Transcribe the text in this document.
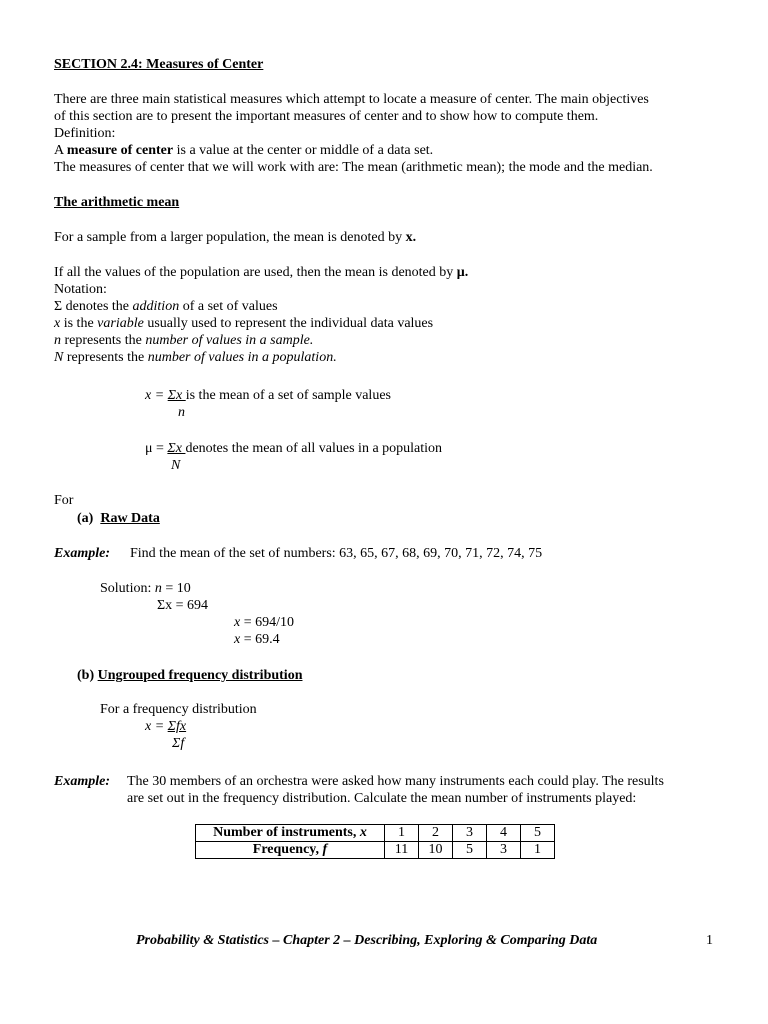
SECTION 2.4: Measures of Center
There are three main statistical measures which attempt to locate a measure of center. The main objectives
of this section are to present the important measures of center and to show how to compute them.
Definition:
A measure of center is a value at the center or middle of a data set.
The measures of center that we will work with are: The mean (arithmetic mean); the mode and the median.
The arithmetic mean
For a sample from a larger population, the mean is denoted by x.
If all the values of the population are used, then the mean is denoted by μ.
Notation:
Σ denotes the addition of a set of values
x is the variable usually used to represent the individual data values
n represents the number of values in a sample.
N represents the number of values in a population.
x = Σx is the mean of a set of sample values
n
μ = Σx denotes the mean of all values in a population
N
For
(a) Raw Data
Example: Find the mean of the set of numbers: 63, 65, 67, 68, 69, 70, 71, 72, 74, 75
Solution: n = 10
Σx = 694
x = 694/10
x = 69.4
(b) Ungrouped frequency distribution
For a frequency distribution
x = Σfx
Σf
Example: The 30 members of an orchestra were asked how many instruments each could play. The results
are set out in the frequency distribution. Calculate the mean number of instruments played:
Number of instruments, x	1	2	3	4	5
Frequency, f	11	10	5	3	1
Probability & Statistics – Chapter 2 – Describing, Exploring & Comparing Data	1
